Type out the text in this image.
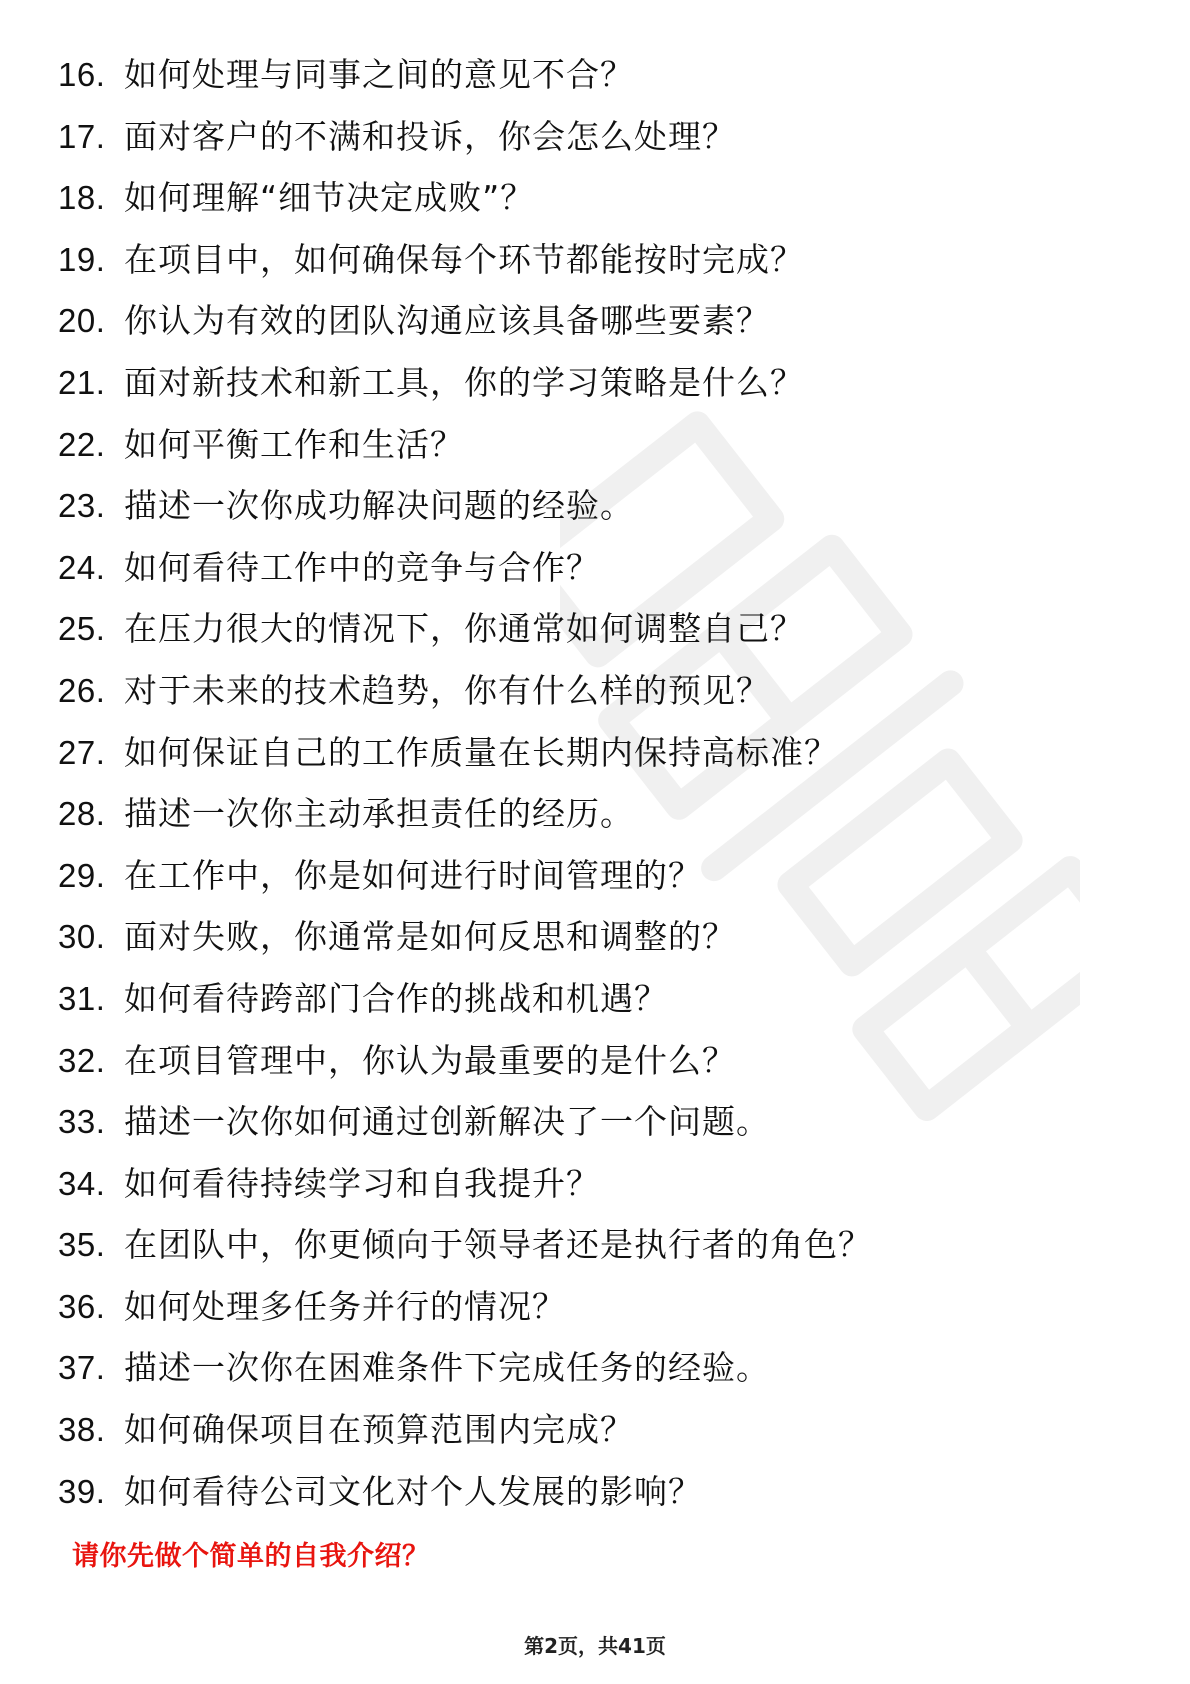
16. 如何处理与同事之间的意见不合？
17. 面对客户的不满和投诉，你会怎么处理？
18. 如何理解“细节决定成败”？
19. 在项目中，如何确保每个环节都能按时完成？
20. 你认为有效的团队沟通应该具备哪些要素？
21. 面对新技术和新工具，你的学习策略是什么？
22. 如何平衡工作和生活？
23. 描述一次你成功解决问题的经验。
24. 如何看待工作中的竞争与合作？
25. 在压力很大的情况下，你通常如何调整自己？
26. 对于未来的技术趋势，你有什么样的预见？
27. 如何保证自己的工作质量在长期内保持高标准？
28. 描述一次你主动承担责任的经历。
29. 在工作中，你是如何进行时间管理的？
30. 面对失败，你通常是如何反思和调整的？
31. 如何看待跨部门合作的挑战和机遇？
32. 在项目管理中，你认为最重要的是什么？
33. 描述一次你如何通过创新解决了一个问题。
34. 如何看待持续学习和自我提升？
35. 在团队中，你更倾向于领导者还是执行者的角色？
36. 如何处理多任务并行的情况？
37. 描述一次你在困难条件下完成任务的经验。
38. 如何确保项目在预算范围内完成？
39. 如何看待公司文化对个人发展的影响？
请你先做个简单的自我介绍？
第2页，共41页
